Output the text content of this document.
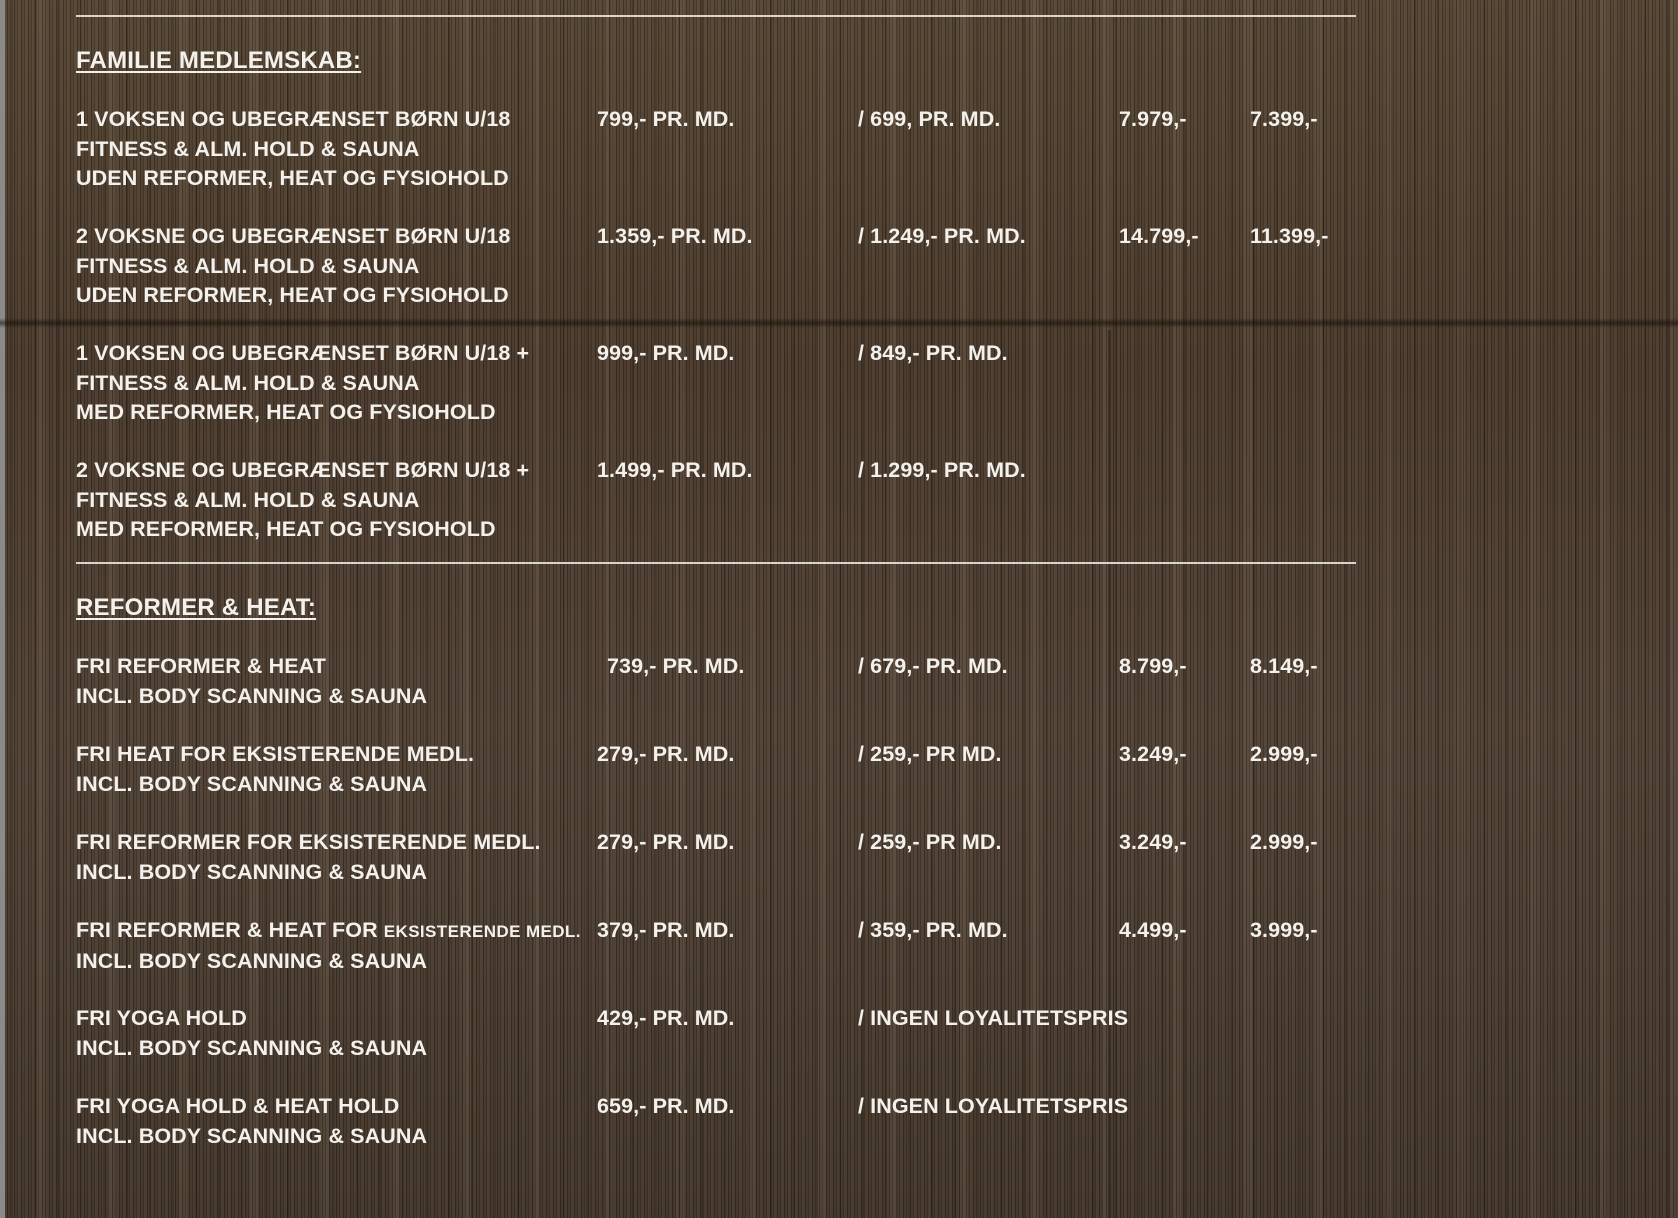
FAMILIE MEDLEMSKAB:
1 VOKSEN OG UBEGRÆNSET BØRN U/18
FITNESS & ALM. HOLD & SAUNA
UDEN REFORMER, HEAT OG FYSIOHOLD
799,- PR. MD.	/ 699, PR. MD.	7.979,-	7.399,-
2 VOKSNE OG UBEGRÆNSET BØRN U/18
FITNESS & ALM. HOLD & SAUNA
UDEN REFORMER, HEAT OG FYSIOHOLD
1.359,- PR. MD.	/ 1.249,- PR. MD.	14.799,- 11.399,-
1 VOKSEN OG UBEGRÆNSET BØRN U/18 +
FITNESS & ALM. HOLD & SAUNA
MED REFORMER, HEAT OG FYSIOHOLD
999,- PR. MD.	/ 849,- PR. MD.
2 VOKSNE OG UBEGRÆNSET BØRN U/18 +
FITNESS & ALM. HOLD & SAUNA
MED REFORMER, HEAT OG FYSIOHOLD
1.499,- PR. MD.	/ 1.299,- PR. MD.
REFORMER & HEAT:
FRI REFORMER & HEAT
INCL. BODY SCANNING & SAUNA
739,- PR. MD.	/ 679,- PR. MD.	8.799,-	8.149,-
FRI HEAT FOR EKSISTERENDE MEDL.
INCL. BODY SCANNING & SAUNA
279,- PR. MD.	/ 259,- PR MD.	3.249,-	2.999,-
FRI REFORMER FOR EKSISTERENDE MEDL.
INCL. BODY SCANNING & SAUNA
279,- PR. MD.	/ 259,- PR MD.	3.249,-	2.999,-
FRI REFORMER & HEAT FOR EKSISTERENDE MEDL.
INCL. BODY SCANNING & SAUNA
379,- PR. MD.	/ 359,- PR. MD.	4.499,-	3.999,-
FRI YOGA HOLD
INCL. BODY SCANNING & SAUNA
429,- PR. MD.	/ INGEN LOYALITETSPRIS
FRI YOGA HOLD & HEAT HOLD
INCL. BODY SCANNING & SAUNA
659,- PR. MD.	/ INGEN LOYALITETSPRIS
